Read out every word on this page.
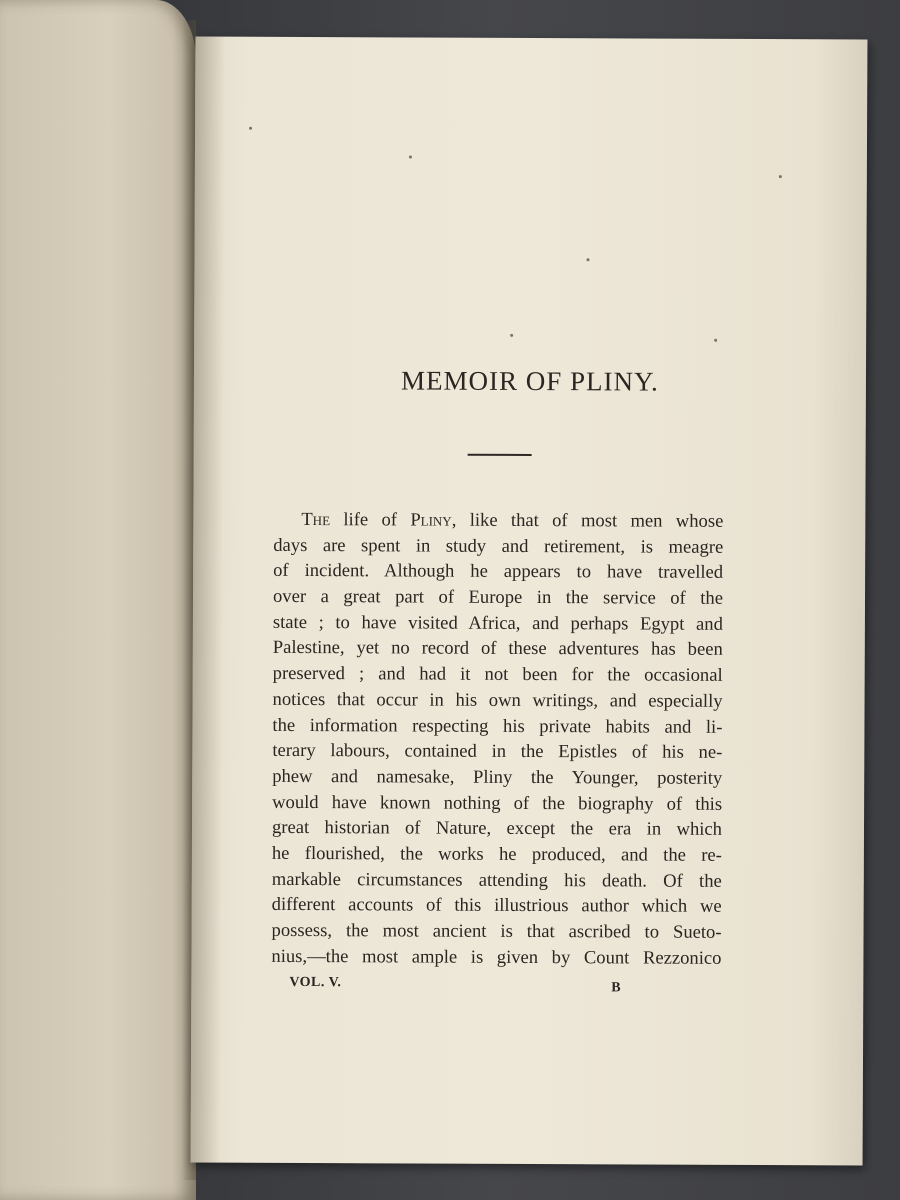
MEMOIR OF PLINY.
The life of Pliny, like that of most men whose
days are spent in study and retirement, is meagre
of incident. Although he appears to have travelled
over a great part of Europe in the service of the
state ; to have visited Africa, and perhaps Egypt and
Palestine, yet no record of these adventures has been
preserved ; and had it not been for the occasional
notices that occur in his own writings, and especially
the information respecting his private habits and li-
terary labours, contained in the Epistles of his ne-
phew and namesake, Pliny the Younger, posterity
would have known nothing of the biography of this
great historian of Nature, except the era in which
he flourished, the works he produced, and the re-
markable circumstances attending his death. Of the
different accounts of this illustrious author which we
possess, the most ancient is that ascribed to Sueto-
nius,—the most ample is given by Count Rezzonico
VOL. V.	B
